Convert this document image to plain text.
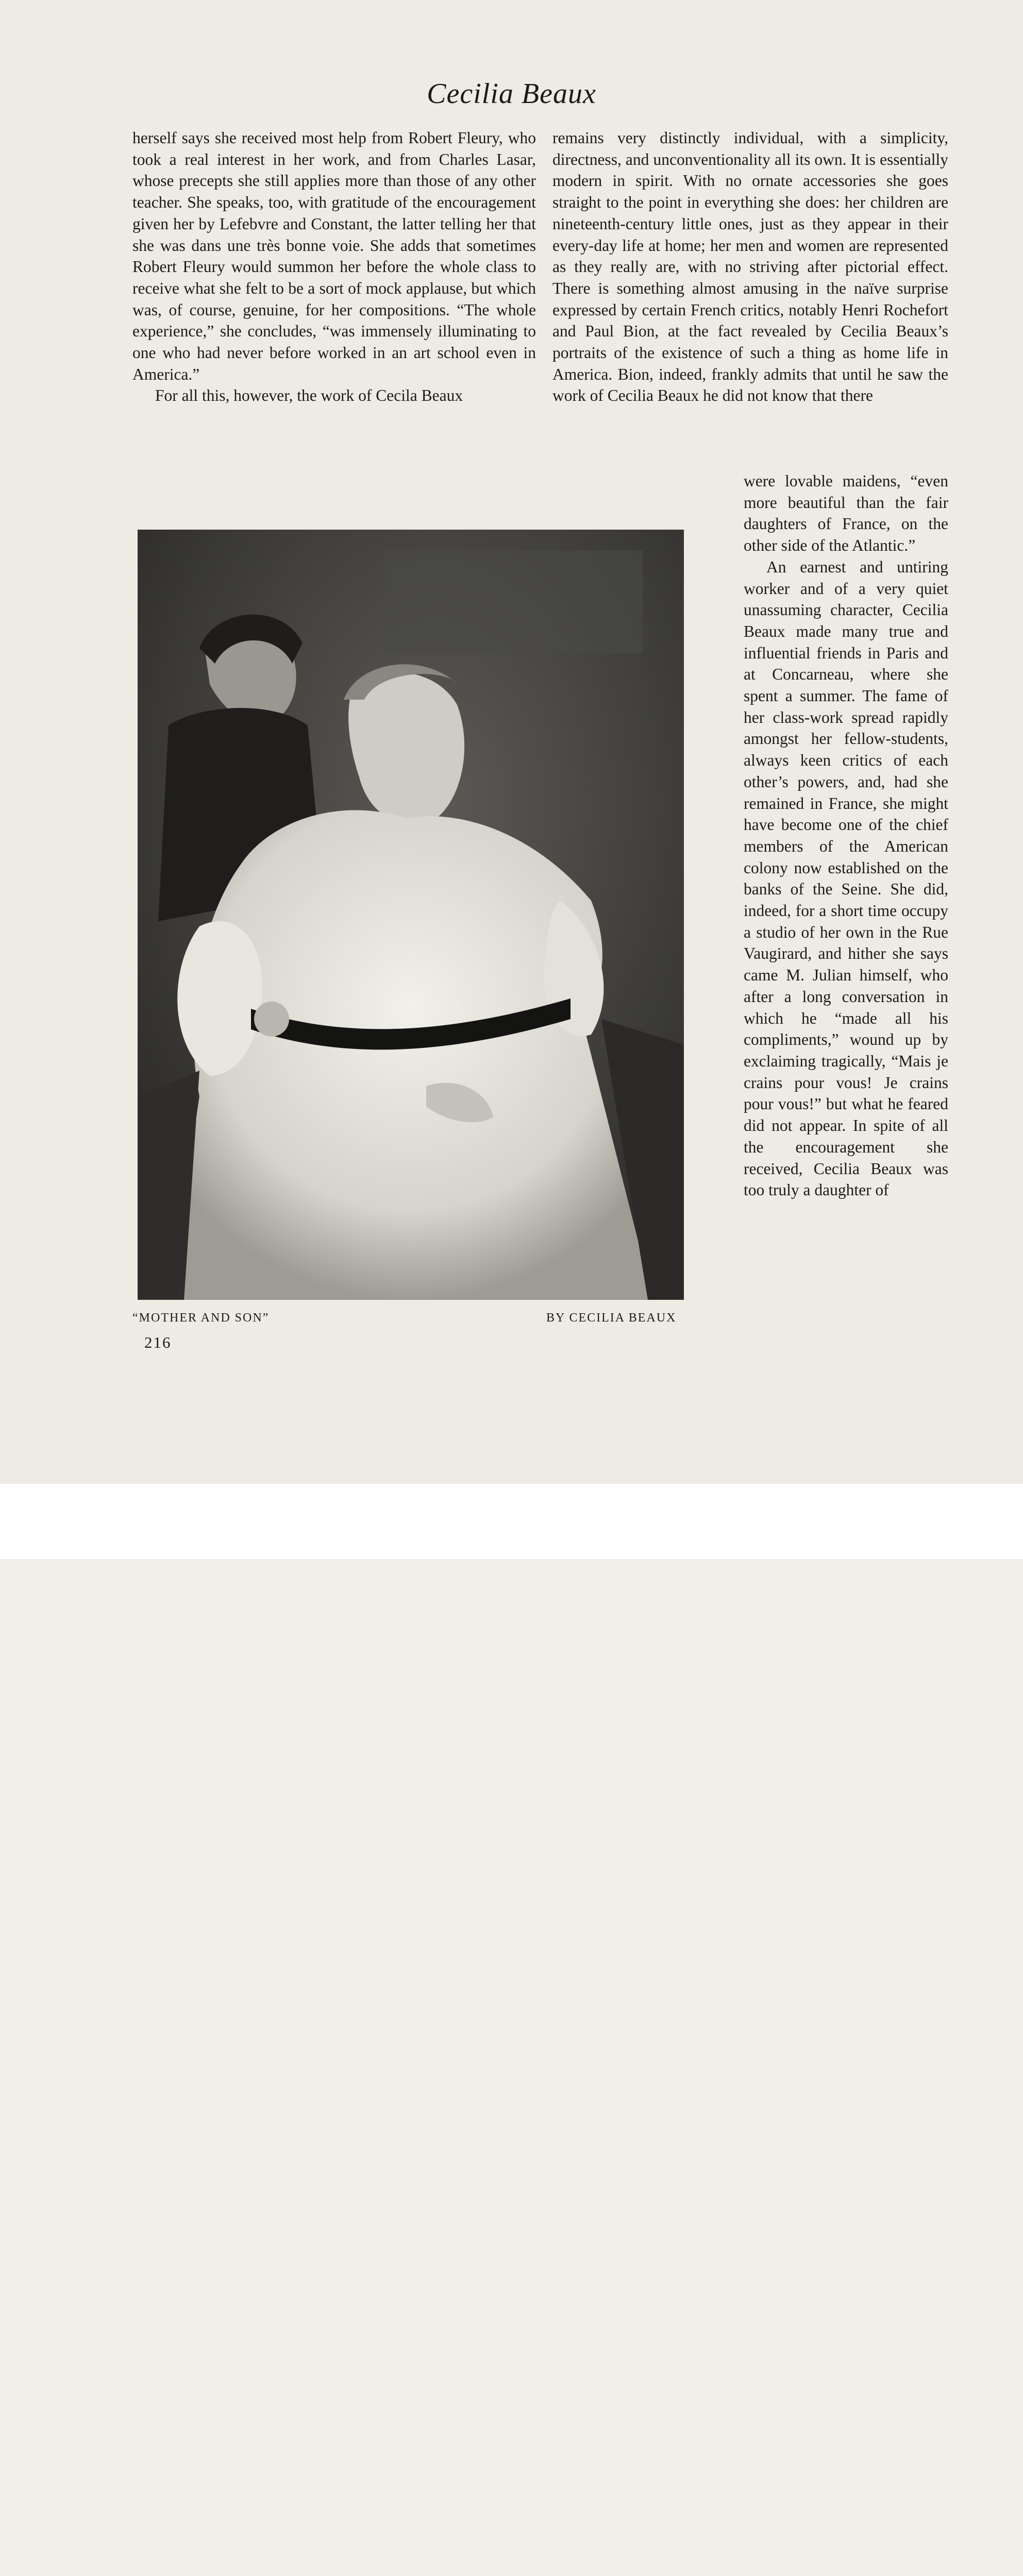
Cecilia Beaux

herself says she received most help from Robert Fleury, who took a real interest in her work, and from Charles Lasar, whose precepts she still applies more than those of any other teacher. She speaks, too, with gratitude of the encouragement given her by Lefebvre and Constant, the latter telling her that she was dans une très bonne voie. She adds that sometimes Robert Fleury would summon her before the whole class to receive what she felt to be a sort of mock applause, but which was, of course, genuine, for her compositions. “The whole experience,” she concludes, “was immensely illuminating to one who had never before worked in an art school even in America.”

For all this, however, the work of Cecila Beaux

remains very distinctly individual, with a simplicity, directness, and unconventionality all its own. It is essentially modern in spirit. With no ornate accessories she goes straight to the point in everything she does: her children are nineteenth-century little ones, just as they appear in their every-day life at home; her men and women are represented as they really are, with no striving after pictorial effect. There is something almost amusing in the naïve surprise expressed by certain French critics, notably Henri Rochefort and Paul Bion, at the fact revealed by Cecilia Beaux’s portraits of the existence of such a thing as home life in America. Bion, indeed, frankly admits that until he saw the work of Cecilia Beaux he did not know that there

were lovable maidens, “even more beautiful than the fair daughters of France, on the other side of the Atlantic.”

An earnest and untiring worker and of a very quiet unassuming character, Cecilia Beaux made many true and influential friends in Paris and at Concarneau, where she spent a summer. The fame of her class-work spread rapidly amongst her fellow-students, always keen critics of each other’s powers, and, had she remained in France, she might have become one of the chief members of the American colony now established on the banks of the Seine. She did, indeed, for a short time occupy a studio of her own in the Rue Vaugirard, and hither she says came M. Julian himself, who after a long conversation in which he “made all his compliments,” wound up by exclaiming tragically, “Mais je crains pour vous! Je crains pour vous!” but what he feared did not appear. In spite of all the encouragement she received, Cecilia Beaux was too truly a daughter of

“MOTHER AND SON”	BY CECILIA BEAUX
216
